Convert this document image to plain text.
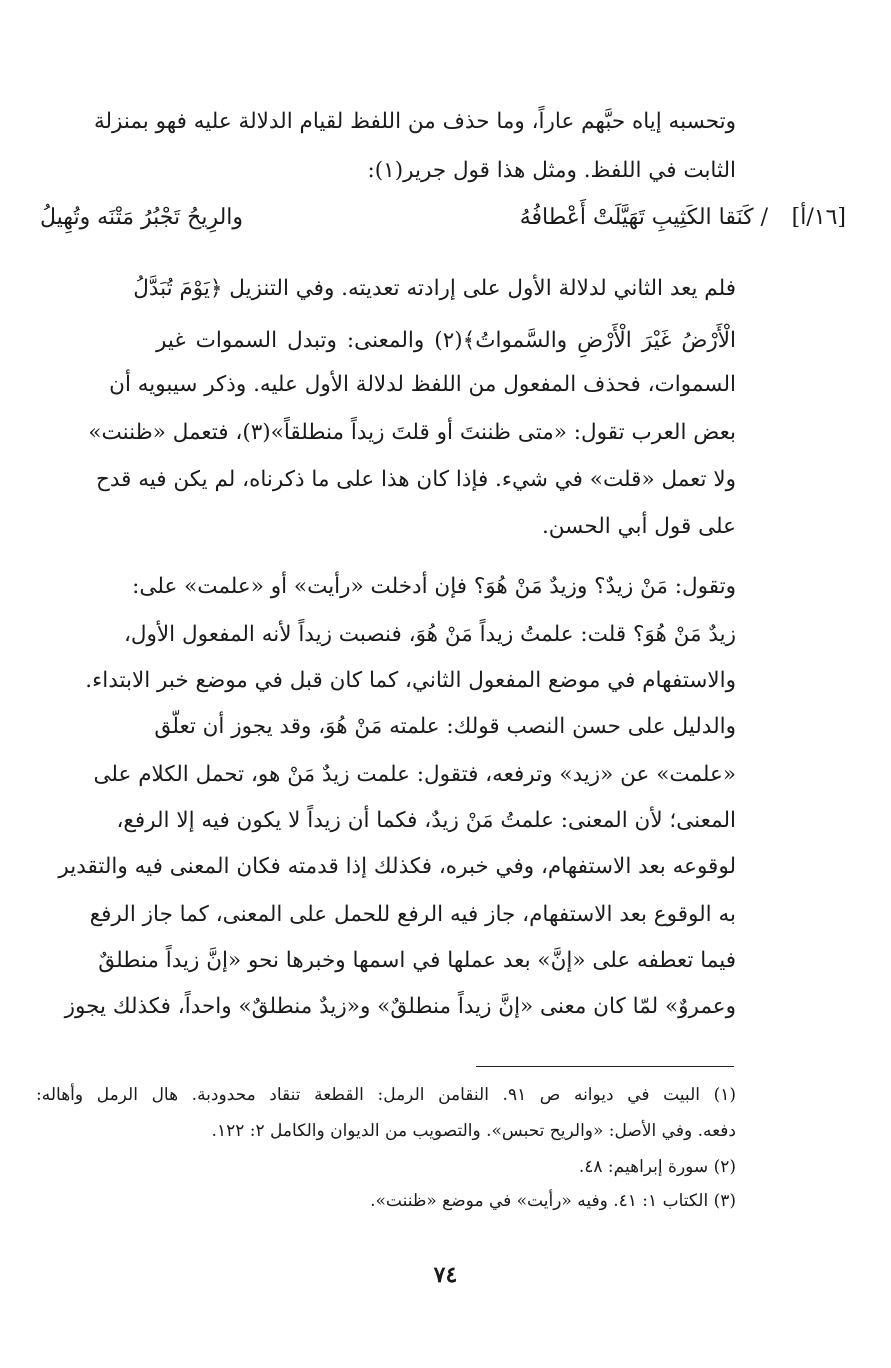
وتحسبه إياه حبَّهم عاراً، وما حذف من اللفظ لقيام الدلالة عليه فهو بمنزلة
الثابت في اللفظ. ومثل هذا قول جرير(١):
[١٦/أ]
/ كَنَقا الكَثِيبِ تَهَيَّلَتْ أَعْطافُهُ
والرِيحُ تَجْبُرُ مَتْنَه وتُهِيلُ
فلم يعد الثاني لدلالة الأول على إرادته تعديته. وفي التنزيل ﴿يَوْمَ تُبَدَّلُ
الْأَرْضُ غَيْرَ الْأَرْضِ والسَّمواتُ﴾(٢) والمعنى: وتبدل السموات غير
السموات، فحذف المفعول من اللفظ لدلالة الأول عليه. وذكر سيبويه أن
بعض العرب تقول: «متى ظننتَ أو قلتَ زيداً منطلقاً»(٣)، فتعمل «ظننت»
ولا تعمل «قلت» في شيء. فإذا كان هذا على ما ذكرناه، لم يكن فيه قدح
على قول أبي الحسن.
وتقول: مَنْ زيدٌ؟ وزيدٌ مَنْ هُوَ؟ فإن أدخلت «رأيت» أو «علمت» على:
زيدٌ مَنْ هُوَ؟ قلت: علمتُ زيداً مَنْ هُوَ، فنصبت زيداً لأنه المفعول الأول،
والاستفهام في موضع المفعول الثاني، كما كان قبل في موضع خبر الابتداء.
والدليل على حسن النصب قولك: علمته مَنْ هُوَ، وقد يجوز أن تعلّق
«علمت» عن «زيد» وترفعه، فتقول: علمت زيدٌ مَنْ هو، تحمل الكلام على
المعنى؛ لأن المعنى: علمتُ مَنْ زيدٌ، فكما أن زيداً لا يكون فيه إلا الرفع،
لوقوعه بعد الاستفهام، وفي خبره، فكذلك إذا قدمته فكان المعنى فيه والتقدير
به الوقوع بعد الاستفهام، جاز فيه الرفع للحمل على المعنى، كما جاز الرفع
فيما تعطفه على «إنَّ» بعد عملها في اسمها وخبرها نحو «إنَّ زيداً منطلقٌ
وعمروٌ» لمّا كان معنى «إنَّ زيداً منطلقٌ» و«زيدٌ منطلقٌ» واحداً، فكذلك يجوز
(١) البيت في ديوانه ص ٩١. النقامن الرمل: القطعة تنقاد محدودبة. هال الرمل وأهاله:
دفعه. وفي الأصل: «والريح تحبس». والتصويب من الديوان والكامل ٢: ١٢٢.
(٢) سورة إبراهيم: ٤٨.
(٣) الكتاب ١: ٤١. وفيه «رأيت» في موضع «ظننت».
٧٤
